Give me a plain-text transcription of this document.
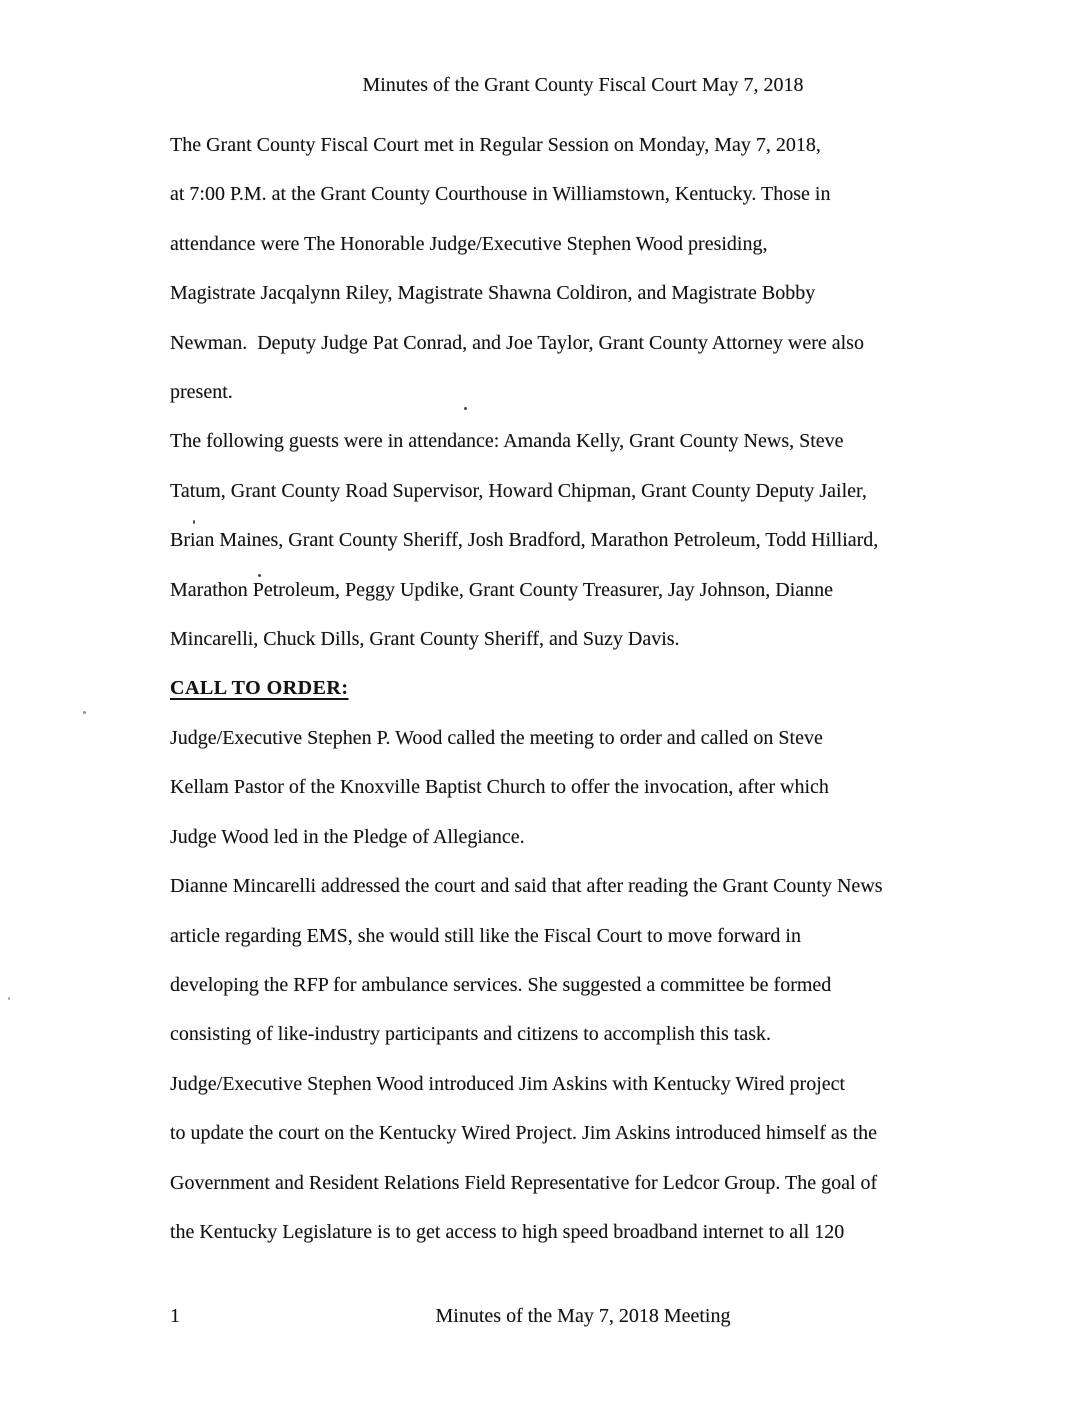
Minutes of the Grant County Fiscal Court May 7, 2018
The Grant County Fiscal Court met in Regular Session on Monday, May 7, 2018,
at 7:00 P.M. at the Grant County Courthouse in Williamstown, Kentucky. Those in
attendance were The Honorable Judge/Executive Stephen Wood presiding,
Magistrate Jacqalynn Riley, Magistrate Shawna Coldiron, and Magistrate Bobby
Newman.  Deputy Judge Pat Conrad, and Joe Taylor, Grant County Attorney were also
present.
The following guests were in attendance: Amanda Kelly, Grant County News, Steve
Tatum, Grant County Road Supervisor, Howard Chipman, Grant County Deputy Jailer,
Brian Maines, Grant County Sheriff, Josh Bradford, Marathon Petroleum, Todd Hilliard,
Marathon Petroleum, Peggy Updike, Grant County Treasurer, Jay Johnson, Dianne
Mincarelli, Chuck Dills, Grant County Sheriff, and Suzy Davis.
CALL TO ORDER:
Judge/Executive Stephen P. Wood called the meeting to order and called on Steve
Kellam Pastor of the Knoxville Baptist Church to offer the invocation, after which
Judge Wood led in the Pledge of Allegiance.
Dianne Mincarelli addressed the court and said that after reading the Grant County News
article regarding EMS, she would still like the Fiscal Court to move forward in
developing the RFP for ambulance services. She suggested a committee be formed
consisting of like-industry participants and citizens to accomplish this task.
Judge/Executive Stephen Wood introduced Jim Askins with Kentucky Wired project
to update the court on the Kentucky Wired Project. Jim Askins introduced himself as the
Government and Resident Relations Field Representative for Ledcor Group. The goal of
the Kentucky Legislature is to get access to high speed broadband internet to all 120
1	Minutes of the May 7, 2018 Meeting
